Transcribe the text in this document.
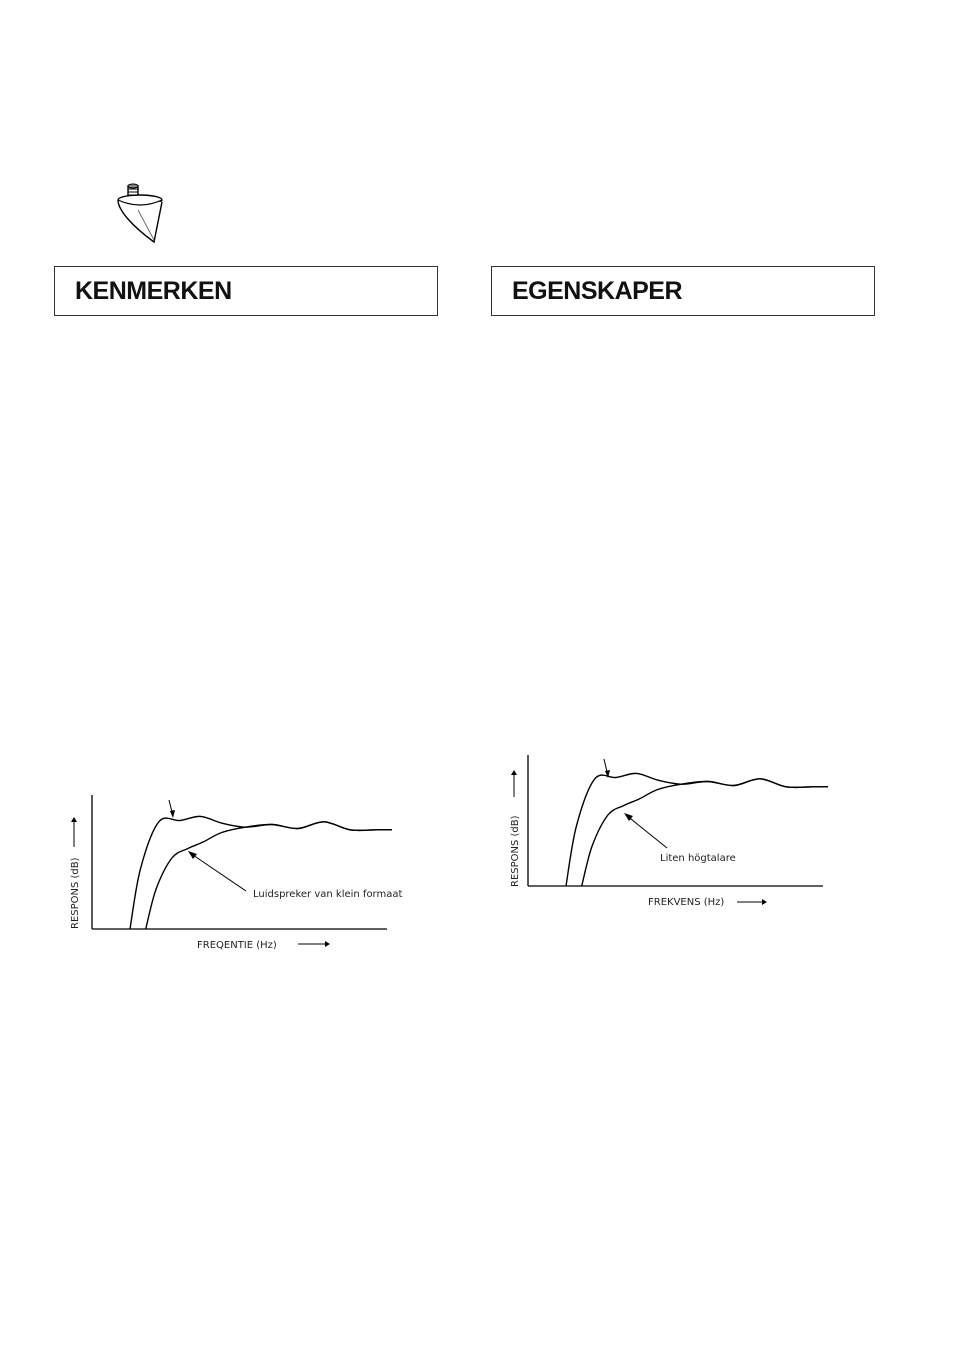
KENMERKEN	EGENSKAPER
Luidspreker van klein formaat
FREQENTIE (Hz)
RESPONS (dB)	Liten högtalare
FREKVENS (Hz)
RESPONS (dB)
